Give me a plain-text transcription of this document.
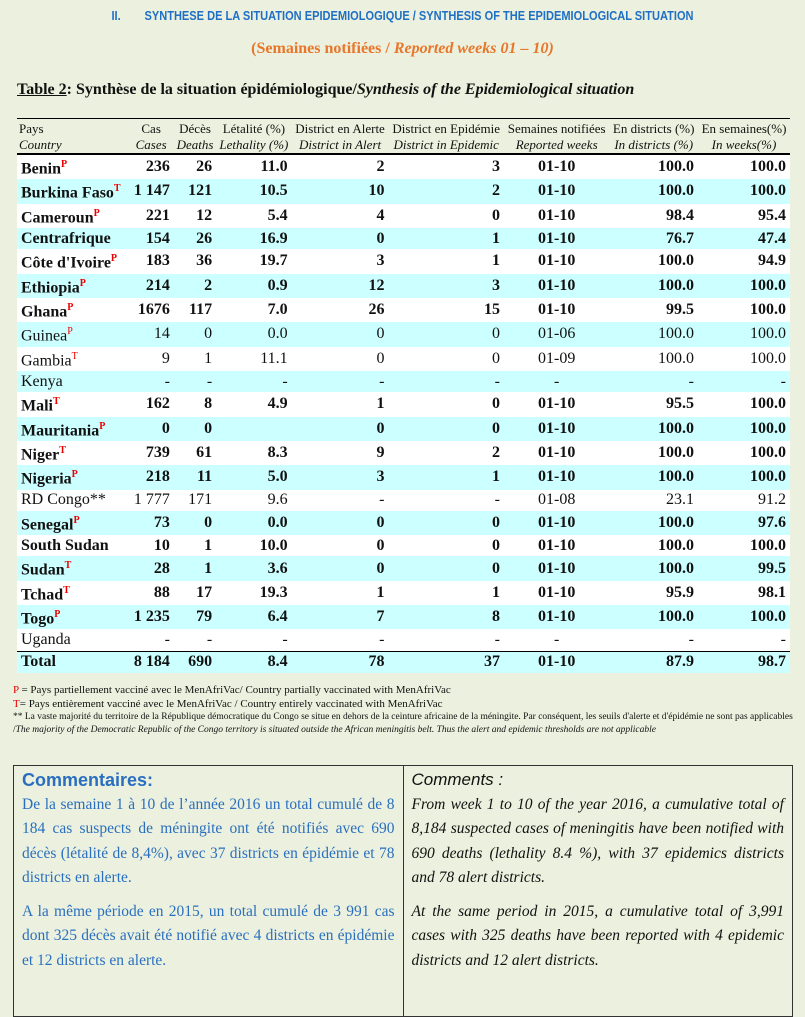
II. SYNTHESE DE LA SITUATION EPIDEMIOLOGIQUE / SYNTHESIS OF THE EPIDEMIOLOGICAL SITUATION
(Semaines notifiées / Reported weeks 01 – 10)
Table 2: Synthèse de la situation épidémiologique/Synthesis of the Epidemiological situation
Pays	Cas	Décès	Létalité (%)	District en Alerte	District en Epidémie	Semaines notifiées	En districts (%)	En semaines(%)
Country	Cases	Deaths	Lethality (%)	District in Alert	District in Epidemic	Reported weeks	In districts (%)	In weeks(%)
Benin$^P$	236	26	11.0	2	3	01-10	100.0	100.0
Burkina Faso$^T$	1 147	121	10.5	10	2	01-10	100.0	100.0
Cameroun$^P$	221	12	5.4	4	0	01-10	98.4	95.4
Centrafrique	154	26	16.9	0	1	01-10	76.7	47.4
Côte d'Ivoire$^P$	183	36	19.7	3	1	01-10	100.0	94.9
Ethiopia$^P$	214	2	0.9	12	3	01-10	100.0	100.0
Ghana$^P$	1676	117	7.0	26	15	01-10	99.5	100.0
Guinea$^P$	14	0	0.0	0	0	01-06	100.0	100.0
Gambia$^T$	9	1	11.1	0	0	01-09	100.0	100.0
Kenya	-	-	-	-	-	-	-	-
Mali$^T$	162	8	4.9	1	0	01-10	95.5	100.0
Mauritania$^P$	0	0		0	0	01-10	100.0	100.0
Niger$^T$	739	61	8.3	9	2	01-10	100.0	100.0
Nigeria$^P$	218	11	5.0	3	1	01-10	100.0	100.0
RD Congo**	1 777	171	9.6	-	-	01-08	23.1	91.2
Senegal$^P$	73	0	0.0	0	0	01-10	100.0	97.6
South Sudan	10	1	10.0	0	0	01-10	100.0	100.0
Sudan$^T$	28	1	3.6	0	0	01-10	100.0	99.5
Tchad$^T$	88	17	19.3	1	1	01-10	95.9	98.1
Togo$^P$	1 235	79	6.4	7	8	01-10	100.0	100.0
Uganda	-	-	-	-	-	-	-	-
Total	8 184	690	8.4	78	37	01-10	87.9	98.7
P = Pays partiellement vacciné avec le MenAfriVac/ Country partially vaccinated with MenAfriVac
T= Pays entièrement vacciné avec le MenAfriVac / Country entirely vaccinated with MenAfriVac
** La vaste majorité du territoire de la République démocratique du Congo se situe en dehors de la ceinture africaine de la méningite. Par conséquent, les seuils d'alerte et d'épidémie ne sont pas applicables /The majority of the Democratic Republic of the Congo territory is situated outside the African meningitis belt. Thus the alert and epidemic thresholds are not applicable
Commentaires:

De la semaine 1 à 10 de l’année 2016 un total cumulé de 8 184 cas suspects de méningite ont été notifiés avec 690 décès (létalité de 8,4%), avec 37 districts en épidémie et 78 districts en alerte.

A la même période en 2015, un total cumulé de 3 991 cas dont 325 décès avait été notifié avec 4 districts en épidémie et 12 districts en alerte.

Comments :

From week 1 to 10 of the year 2016, a cumulative total of 8,184 suspected cases of meningitis have been notified with 690 deaths (lethality 8.4 %), with 37 epidemics districts and 78 alert districts.

At the same period in 2015, a cumulative total of 3,991 cases with 325 deaths have been reported with 4 epidemic districts and 12 alert districts.
